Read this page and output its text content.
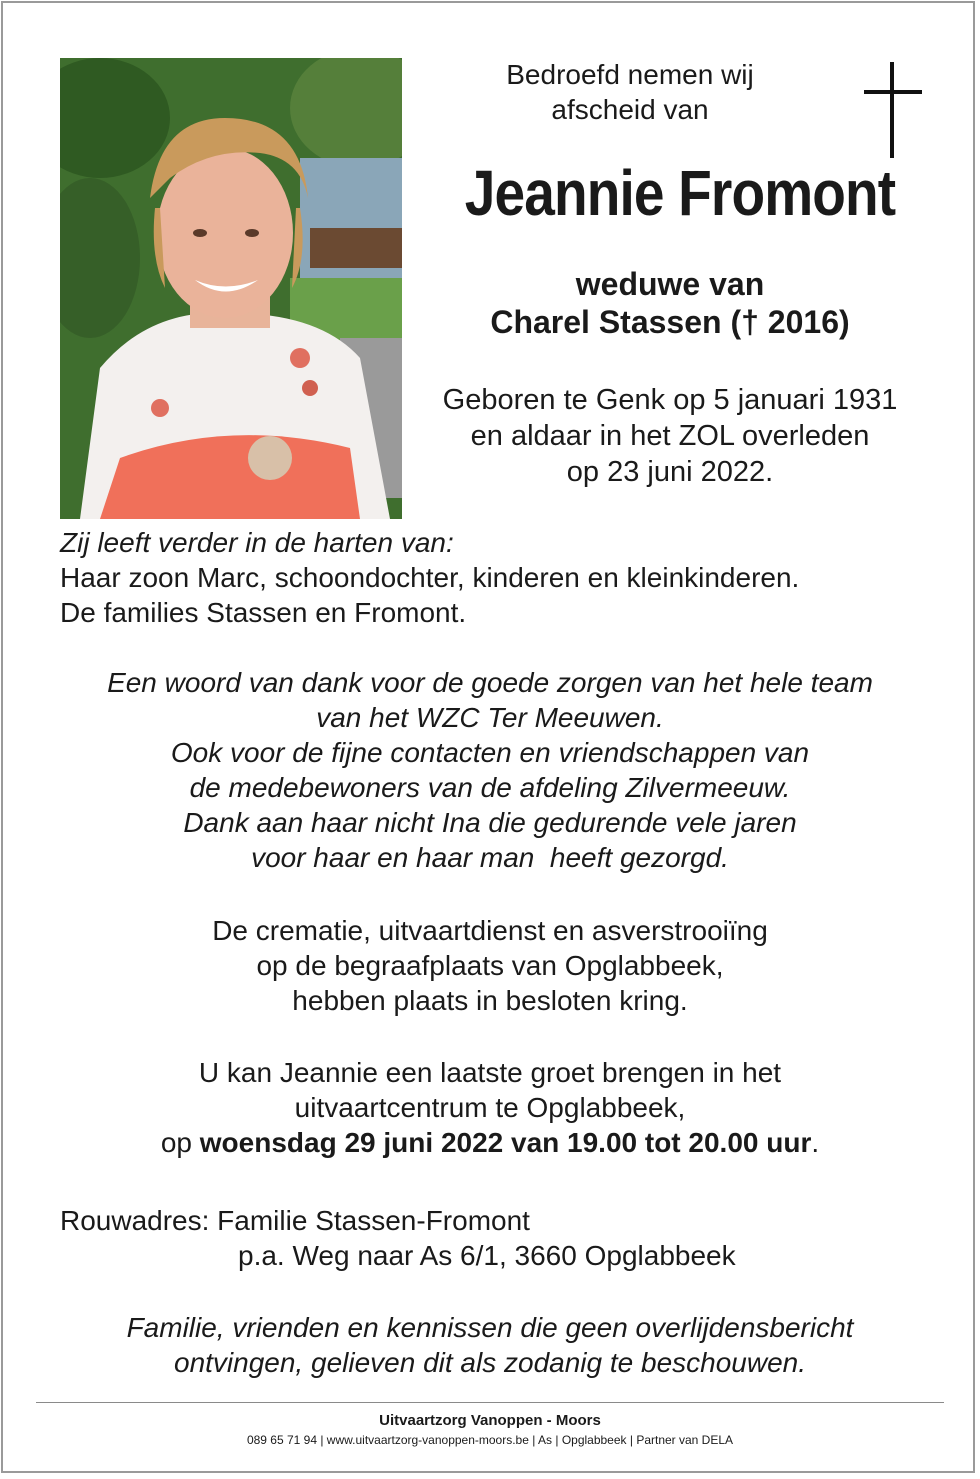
Bedroefd nemen wij
afscheid van
Jeannie Fromont
weduwe van
Charel Stassen († 2016)
Geboren te Genk op 5 januari 1931
en aldaar in het ZOL overleden
op 23 juni 2022.
Zij leeft verder in de harten van:
Haar zoon Marc, schoondochter, kinderen en kleinkinderen.
De families Stassen en Fromont.
Een woord van dank voor de goede zorgen van het hele team
van het WZC Ter Meeuwen.
Ook voor de fijne contacten en vriendschappen van
de medebewoners van de afdeling Zilvermeeuw.
Dank aan haar nicht Ina die gedurende vele jaren
voor haar en haar man  heeft gezorgd.
De crematie, uitvaartdienst en asverstrooiïng
op de begraafplaats van Opglabbeek,
hebben plaats in besloten kring.
U kan Jeannie een laatste groet brengen in het
uitvaartcentrum te Opglabbeek,
op woensdag 29 juni 2022 van 19.00 tot 20.00 uur.
Rouwadres: Familie Stassen-Fromont
p.a. Weg naar As 6/1, 3660 Opglabbeek
Familie, vrienden en kennissen die geen overlijdensbericht
ontvingen, gelieven dit als zodanig te beschouwen.
Uitvaartzorg Vanoppen - Moors
089 65 71 94 | www.uitvaartzorg-vanoppen-moors.be | As | Opglabbeek | Partner van DELA
